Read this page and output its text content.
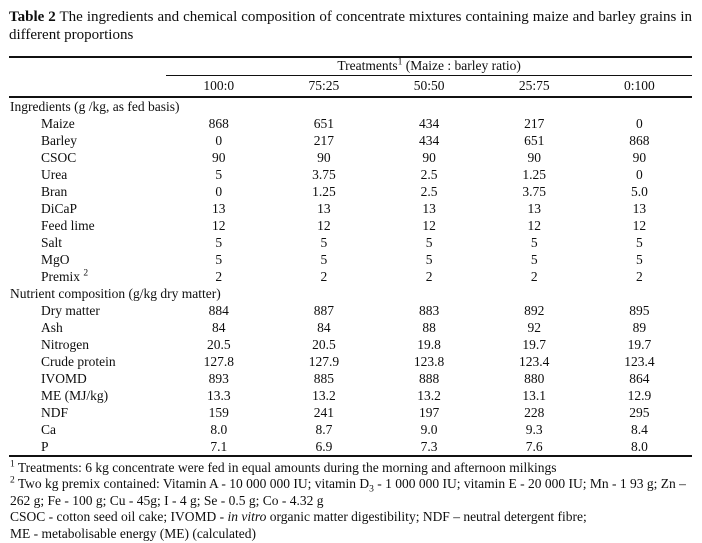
Table 2 The ingredients and chemical composition of concentrate mixtures containing maize and barley grains in different proportions

	Treatments$^1$ (Maize : barley ratio)				
	100:0	75:25	50:50	25:75	0:100
Ingredients (g /kg, as fed basis)					
Maize	868	651	434	217	0
Barley	0	217	434	651	868
CSOC	90	90	90	90	90
Urea	5	3.75	2.5	1.25	0
Bran	0	1.25	2.5	3.75	5.0
DiCaP	13	13	13	13	13
Feed lime	12	12	12	12	12
Salt	5	5	5	5	5
MgO	5	5	5	5	5
Premix $^2$	2	2	2	2	2
Nutrient composition (g/kg dry matter)					
Dry matter	884	887	883	892	895
Ash	84	84	88	92	89
Nitrogen	20.5	20.5	19.8	19.7	19.7
Crude protein	127.8	127.9	123.8	123.4	123.4
IVOMD	893	885	888	880	864
ME (MJ/kg)	13.3	13.2	13.2	13.1	12.9
NDF	159	241	197	228	295
Ca	8.0	8.7	9.0	9.3	8.4
P	7.1	6.9	7.3	7.6	8.0

$^1$ Treatments: 6 kg concentrate were fed in equal amounts during the morning and afternoon milkings

$^2$ Two kg premix contained: Vitamin A - 10 000 000 IU; vitamin $D_3 - 1$ 000 000 IU; vitamin E - 20 000 IU; Mn - 1 93 g; Zn – 262 g; Fe - 100 g; Cu - 45g; I - 4 g; Se - 0.5 g; Co - 4.32 g

CSOC - cotton seed oil cake; IVOMD - in vitro organic matter digestibility; NDF – neutral detergent fibre;

ME - metabolisable energy (ME) (calculated)
